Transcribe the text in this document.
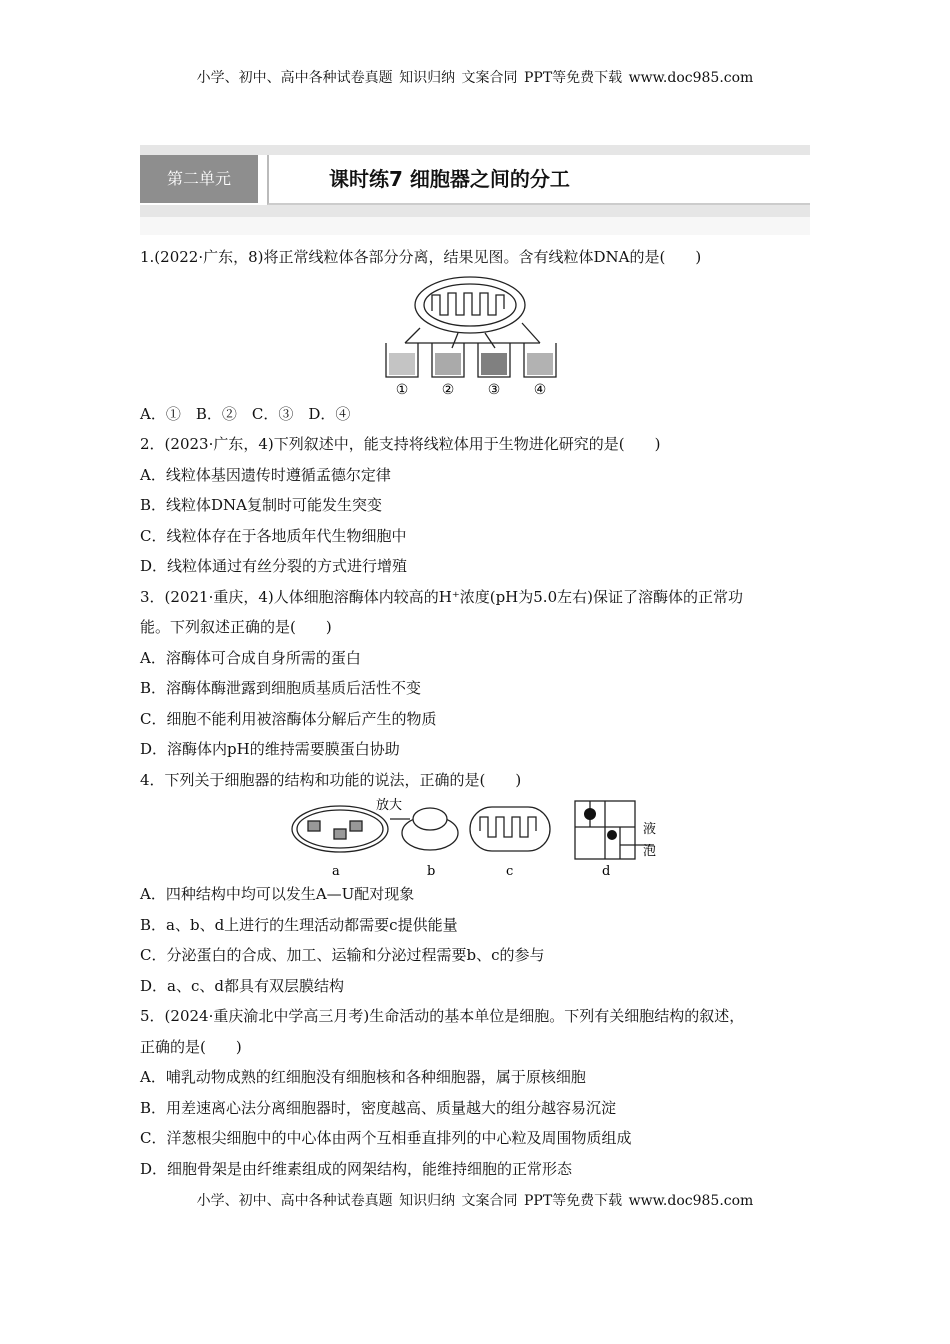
小学、初中、高中各种试卷真题 知识归纳 文案合同 PPT等免费下载 www.doc985.com
第二单元	课时练7 细胞器之间的分工
1.(2022·广东，8)将正常线粒体各部分分离，结果见图。含有线粒体DNA的是(　　)
① ② ③ ④
A．①　B．②　C．③　D．④
2．(2023·广东，4)下列叙述中，能支持将线粒体用于生物进化研究的是(　　)
A．线粒体基因遗传时遵循孟德尔定律
B．线粒体DNA复制时可能发生突变
C．线粒体存在于各地质年代生物细胞中
D．线粒体通过有丝分裂的方式进行增殖
3．(2021·重庆，4)人体细胞溶酶体内较高的H⁺浓度(pH为5.0左右)保证了溶酶体的正常功
能。下列叙述正确的是(　　)
A．溶酶体可合成自身所需的蛋白
B．溶酶体酶泄露到细胞质基质后活性不变
C．细胞不能利用被溶酶体分解后产生的物质
D．溶酶体内pH的维持需要膜蛋白协助
4．下列关于细胞器的结构和功能的说法，正确的是(　　)
放大
液
泡
a	b	c	d
A．四种结构中均可以发生A—U配对现象
B．a、b、d上进行的生理活动都需要c提供能量
C．分泌蛋白的合成、加工、运输和分泌过程需要b、c的参与
D．a、c、d都具有双层膜结构
5．(2024·重庆渝北中学高三月考)生命活动的基本单位是细胞。下列有关细胞结构的叙述，
正确的是(　　)
A．哺乳动物成熟的红细胞没有细胞核和各种细胞器，属于原核细胞
B．用差速离心法分离细胞器时，密度越高、质量越大的组分越容易沉淀
C．洋葱根尖细胞中的中心体由两个互相垂直排列的中心粒及周围物质组成
D．细胞骨架是由纤维素组成的网架结构，能维持细胞的正常形态
小学、初中、高中各种试卷真题 知识归纳 文案合同 PPT等免费下载 www.doc985.com
